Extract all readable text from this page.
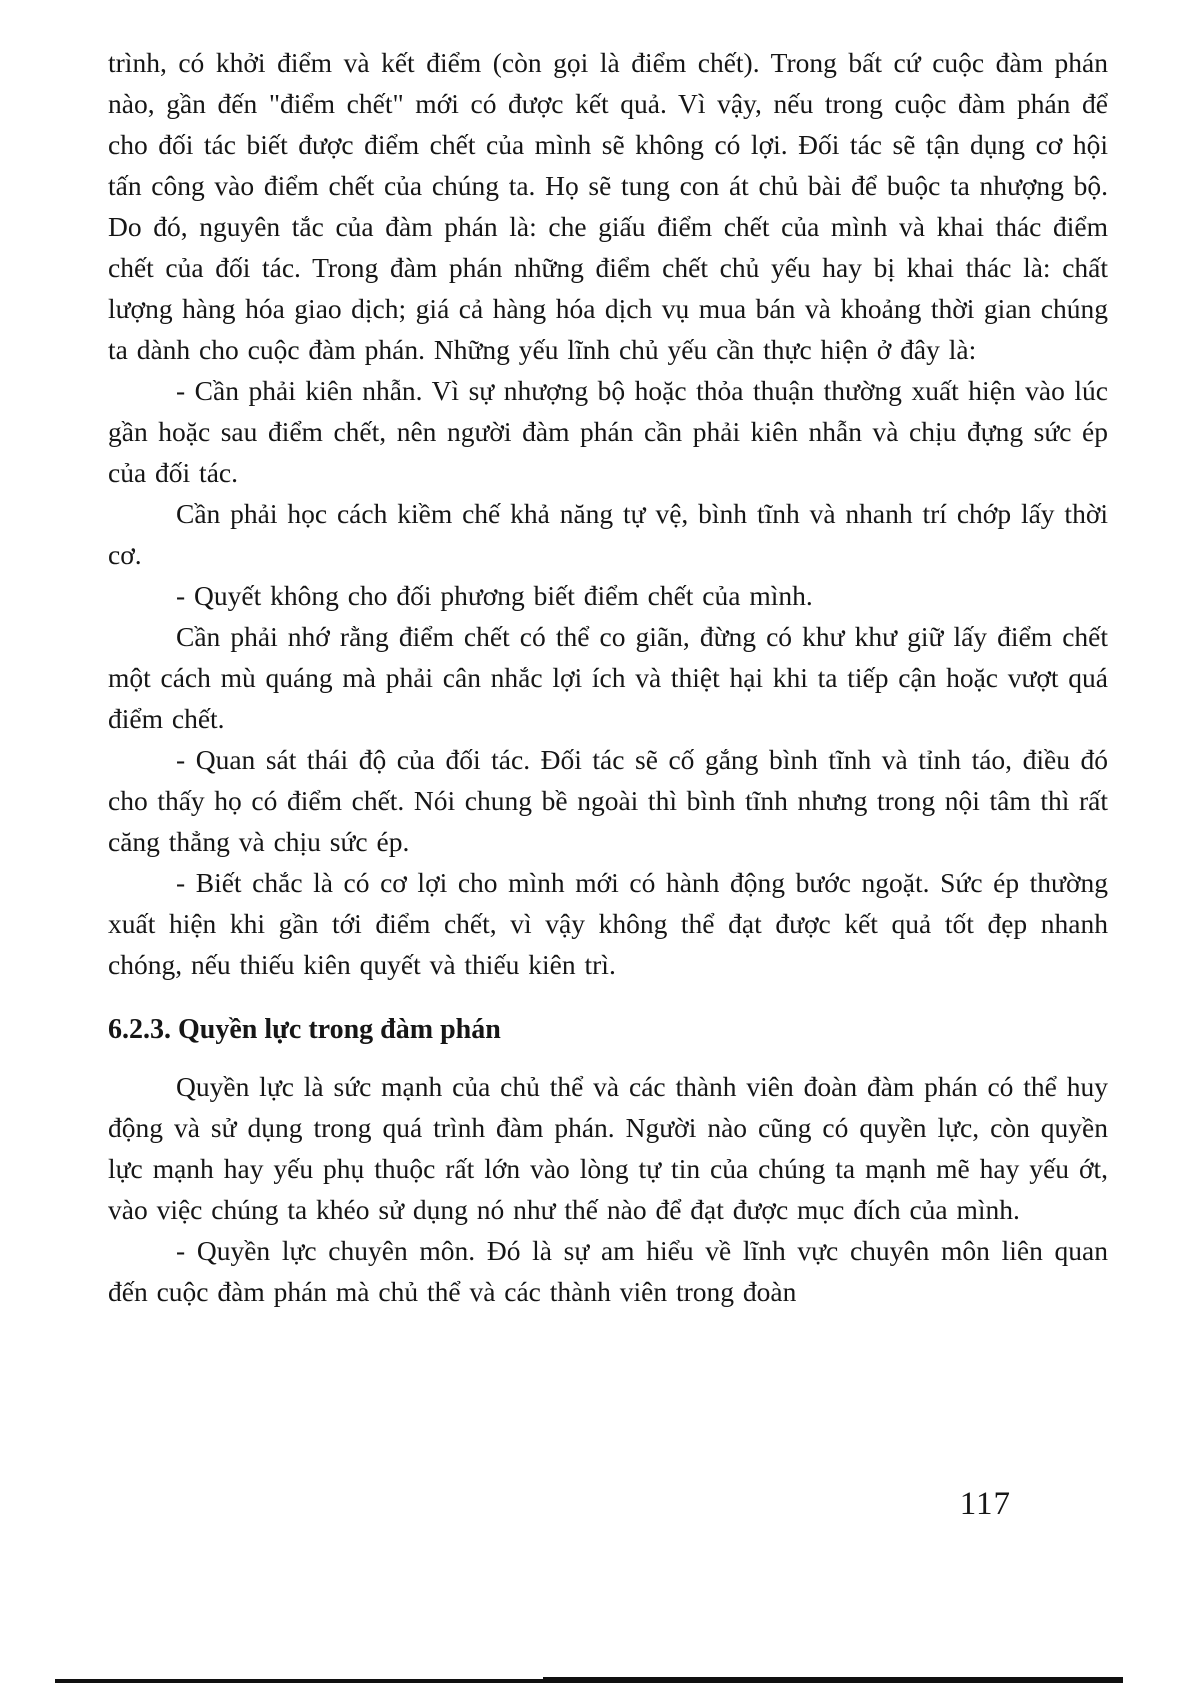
trình, có khởi điểm và kết điểm (còn gọi là điểm chết). Trong bất cứ cuộc đàm phán nào, gần đến "điểm chết" mới có được kết quả. Vì vậy, nếu trong cuộc đàm phán để cho đối tác biết được điểm chết của mình sẽ không có lợi. Đối tác sẽ tận dụng cơ hội tấn công vào điểm chết của chúng ta. Họ sẽ tung con át chủ bài để buộc ta nhượng bộ. Do đó, nguyên tắc của đàm phán là: che giấu điểm chết của mình và khai thác điểm chết của đối tác. Trong đàm phán những điểm chết chủ yếu hay bị khai thác là: chất lượng hàng hóa giao dịch; giá cả hàng hóa dịch vụ mua bán và khoảng thời gian chúng ta dành cho cuộc đàm phán. Những yếu lĩnh chủ yếu cần thực hiện ở đây là:

- Cần phải kiên nhẫn. Vì sự nhượng bộ hoặc thỏa thuận thường xuất hiện vào lúc gần hoặc sau điểm chết, nên người đàm phán cần phải kiên nhẫn và chịu đựng sức ép của đối tác.

Cần phải học cách kiềm chế khả năng tự vệ, bình tĩnh và nhanh trí chớp lấy thời cơ.

- Quyết không cho đối phương biết điểm chết của mình.

Cần phải nhớ rằng điểm chết có thể co giãn, đừng có khư khư giữ lấy điểm chết một cách mù quáng mà phải cân nhắc lợi ích và thiệt hại khi ta tiếp cận hoặc vượt quá điểm chết.

- Quan sát thái độ của đối tác. Đối tác sẽ cố gắng bình tĩnh và tỉnh táo, điều đó cho thấy họ có điểm chết. Nói chung bề ngoài thì bình tĩnh nhưng trong nội tâm thì rất căng thẳng và chịu sức ép.

- Biết chắc là có cơ lợi cho mình mới có hành động bước ngoặt. Sức ép thường xuất hiện khi gần tới điểm chết, vì vậy không thể đạt được kết quả tốt đẹp nhanh chóng, nếu thiếu kiên quyết và thiếu kiên trì.

6.2.3. Quyền lực trong đàm phán

Quyền lực là sức mạnh của chủ thể và các thành viên đoàn đàm phán có thể huy động và sử dụng trong quá trình đàm phán. Người nào cũng có quyền lực, còn quyền lực mạnh hay yếu phụ thuộc rất lớn vào lòng tự tin của chúng ta mạnh mẽ hay yếu ớt, vào việc chúng ta khéo sử dụng nó như thế nào để đạt được mục đích của mình.

- Quyền lực chuyên môn. Đó là sự am hiểu về lĩnh vực chuyên môn liên quan đến cuộc đàm phán mà chủ thể và các thành viên trong đoàn

117
